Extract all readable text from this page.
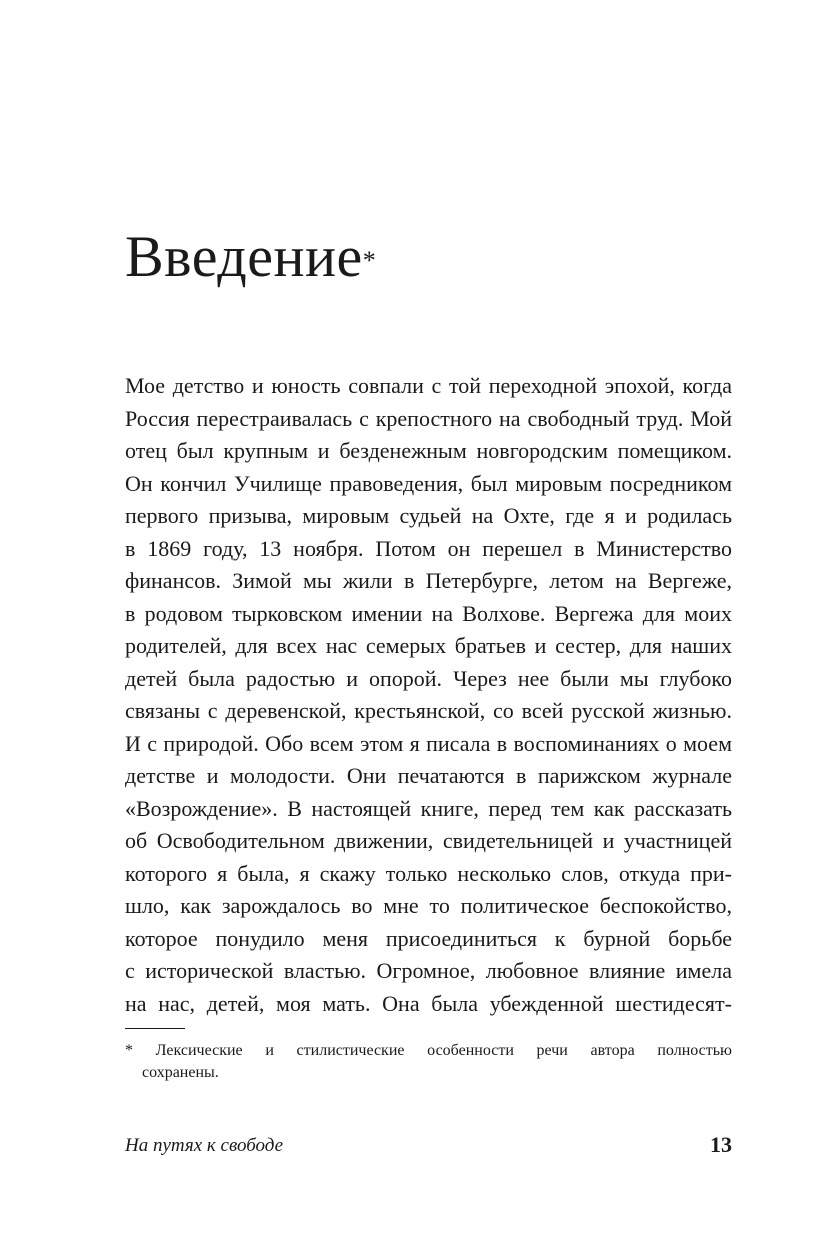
Введение*
Мое детство и юность совпали с той переходной эпохой, когда
Россия перестраивалась с крепостного на свободный труд. Мой
отец был крупным и безденежным новгородским помещиком.
Он кончил Училище правоведения, был мировым посредником
первого призыва, мировым судьей на Охте, где я и родилась
в 1869 году, 13 ноября. Потом он перешел в Министерство
финансов. Зимой мы жили в Петербурге, летом на Вергеже,
в родовом тырковском имении на Волхове. Вергежа для моих
родителей, для всех нас семерых братьев и сестер, для наших
детей была радостью и опорой. Через нее были мы глубоко
связаны с деревенской, крестьянской, со всей русской жизнью.
И с природой. Обо всем этом я писала в воспоминаниях о моем
детстве и молодости. Они печатаются в парижском журнале
«Возрождение». В настоящей книге, перед тем как рассказать
об Освободительном движении, свидетельницей и участницей
которого я была, я скажу только несколько слов, откуда при-
шло, как зарождалось во мне то политическое беспокойство,
которое понудило меня присоединиться к бурной борьбе
с исторической властью. Огромное, любовное влияние имела
на нас, детей, моя мать. Она была убежденной шестидесят-
* Лексические и стилистические особенности речи автора полностью
сохранены.
На путях к свободе	13
